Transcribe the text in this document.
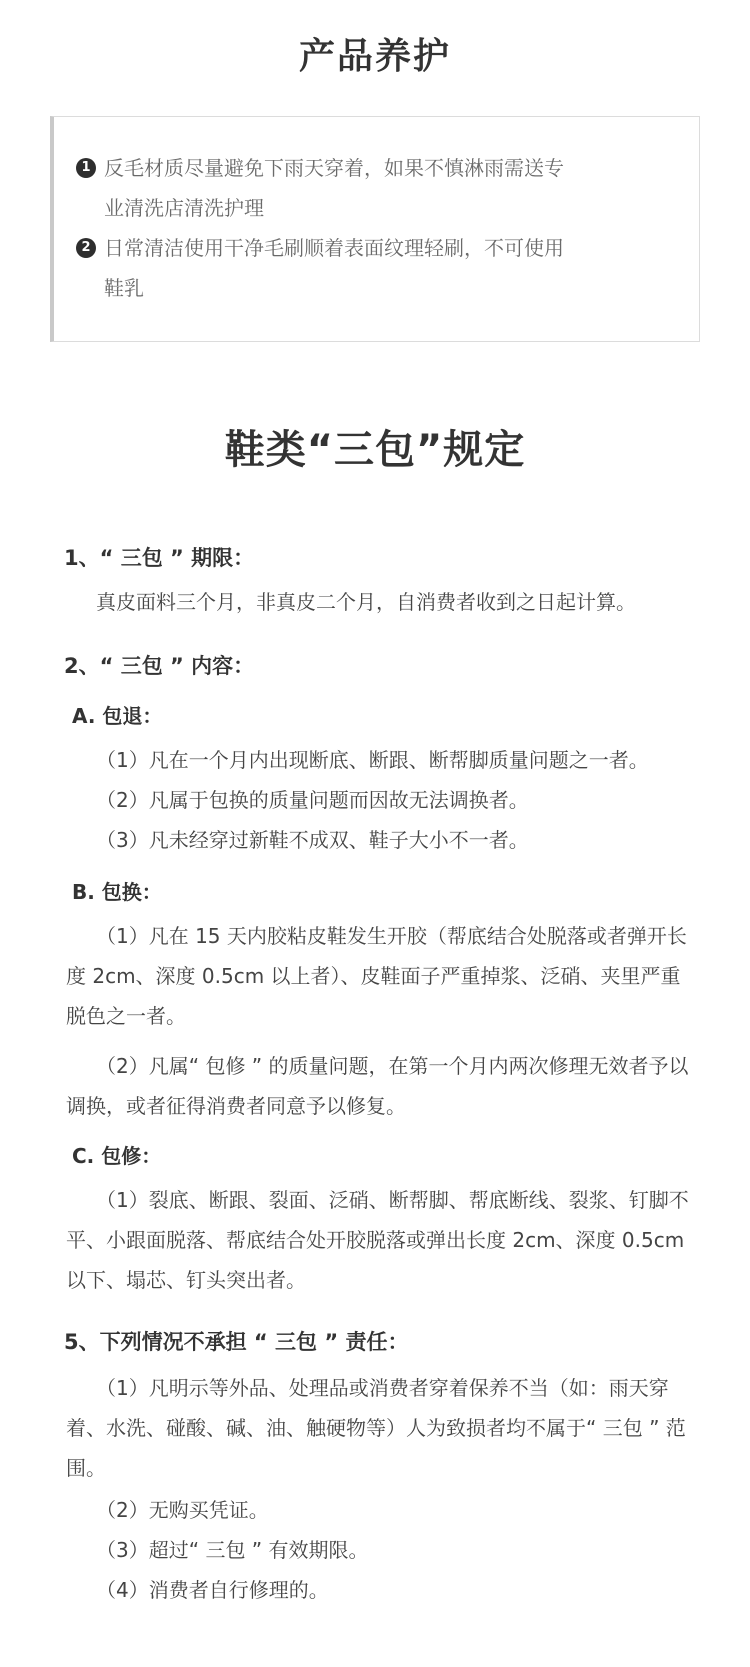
产品养护
1 反毛材质尽量避免下雨天穿着，如果不慎淋雨需送专业清洗店清洗护理
2 日常清洁使用干净毛刷顺着表面纹理轻刷，不可使用鞋乳
鞋类“三包”规定
1、“ 三包 ” 期限：
真皮面料三个月，非真皮二个月，自消费者收到之日起计算。
2、“ 三包 ” 内容：
A. 包退：
（1）凡在一个月内出现断底、断跟、断帮脚质量问题之一者。
（2）凡属于包换的质量问题而因故无法调换者。
（3）凡未经穿过新鞋不成双、鞋子大小不一者。
B. 包换：
（1）凡在 15 天内胶粘皮鞋发生开胶（帮底结合处脱落或者弹开长度 2cm、深度 0.5cm 以上者）、皮鞋面子严重掉浆、泛硝、夹里严重脱色之一者。
（2）凡属“ 包修 ” 的质量问题，在第一个月内两次修理无效者予以调换，或者征得消费者同意予以修复。
C. 包修：
（1）裂底、断跟、裂面、泛硝、断帮脚、帮底断线、裂浆、钉脚不平、小跟面脱落、帮底结合处开胶脱落或弹出长度 2cm、深度 0.5cm 以下、塌芯、钉头突出者。
5、下列情况不承担 “ 三包 ” 责任：
（1）凡明示等外品、处理品或消费者穿着保养不当（如：雨天穿着、水洗、碰酸、碱、油、触硬物等）人为致损者均不属于“ 三包 ” 范围。
（2）无购买凭证。
（3）超过“ 三包 ” 有效期限。
（4）消费者自行修理的。
